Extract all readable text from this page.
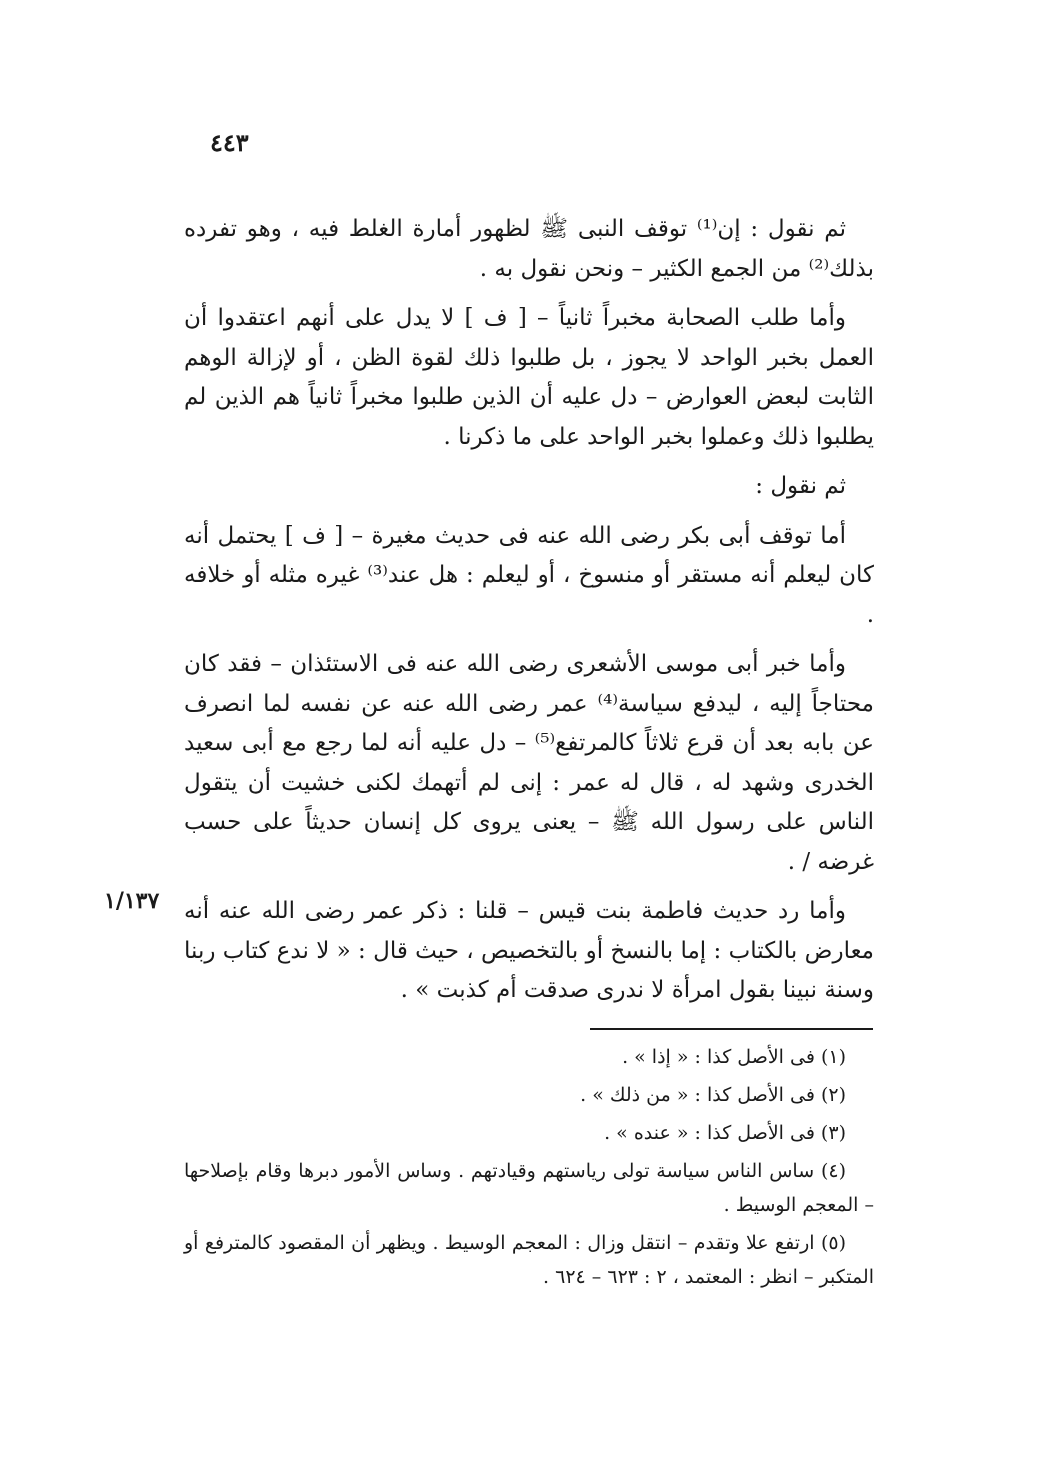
٤٤٣

ثم نقول : إن⁽¹⁾ توقف النبى ﷺ لظهور أمارة الغلط فيه ، وهو تفرده بذلك⁽²⁾ من الجمع الكثير – ونحن نقول به .

وأما طلب الصحابة مخبراً ثانياً – [ ف ] لا يدل على أنهم اعتقدوا أن العمل بخبر الواحد لا يجوز ، بل طلبوا ذلك لقوة الظن ، أو لإزالة الوهم الثابت لبعض العوارض – دل عليه أن الذين طلبوا مخبراً ثانياً هم الذين لم يطلبوا ذلك وعملوا بخبر الواحد على ما ذكرنا .

ثم نقول :

أما توقف أبى بكر رضى الله عنه فى حديث مغيرة – [ ف ] يحتمل أنه كان ليعلم أنه مستقر أو منسوخ ، أو ليعلم : هل عند⁽³⁾ غيره مثله أو خلافه .

وأما خبر أبى موسى الأشعرى رضى الله عنه فى الاستئذان – فقد كان محتاجاً إليه ، ليدفع سياسة⁽⁴⁾ عمر رضى الله عنه عن نفسه لما انصرف عن بابه بعد أن قرع ثلاثاً كالمرتفع⁽⁵⁾ – دل عليه أنه لما رجع مع أبى سعيد الخدرى وشهد له ، قال له عمر : إنى لم أتهمك لكنى خشيت أن يتقول الناس على رسول الله ﷺ – يعنى يروى كل إنسان حديثاً على حسب غرضه / .

وأما رد حديث فاطمة بنت قيس – قلنا : ذكر عمر رضى الله عنه أنه معارض بالكتاب : إما بالنسخ أو بالتخصيص ، حيث قال : « لا ندع كتاب ربنا وسنة نبينا بقول امرأة لا ندرى صدقت أم كذبت » .

١/١٣٧

(١) فى الأصل كذا : « إذا » .

(٢) فى الأصل كذا : « من ذلك » .

(٣) فى الأصل كذا : « عنده » .

(٤) ساس الناس سياسة تولى رياستهم وقيادتهم . وساس الأمور دبرها وقام بإصلاحها – المعجم الوسيط .

(٥) ارتفع علا وتقدم – انتقل وزال : المعجم الوسيط . ويظهر أن المقصود كالمترفع أو المتكبر – انظر : المعتمد ، ٢ : ٦٢٣ – ٦٢٤ .
